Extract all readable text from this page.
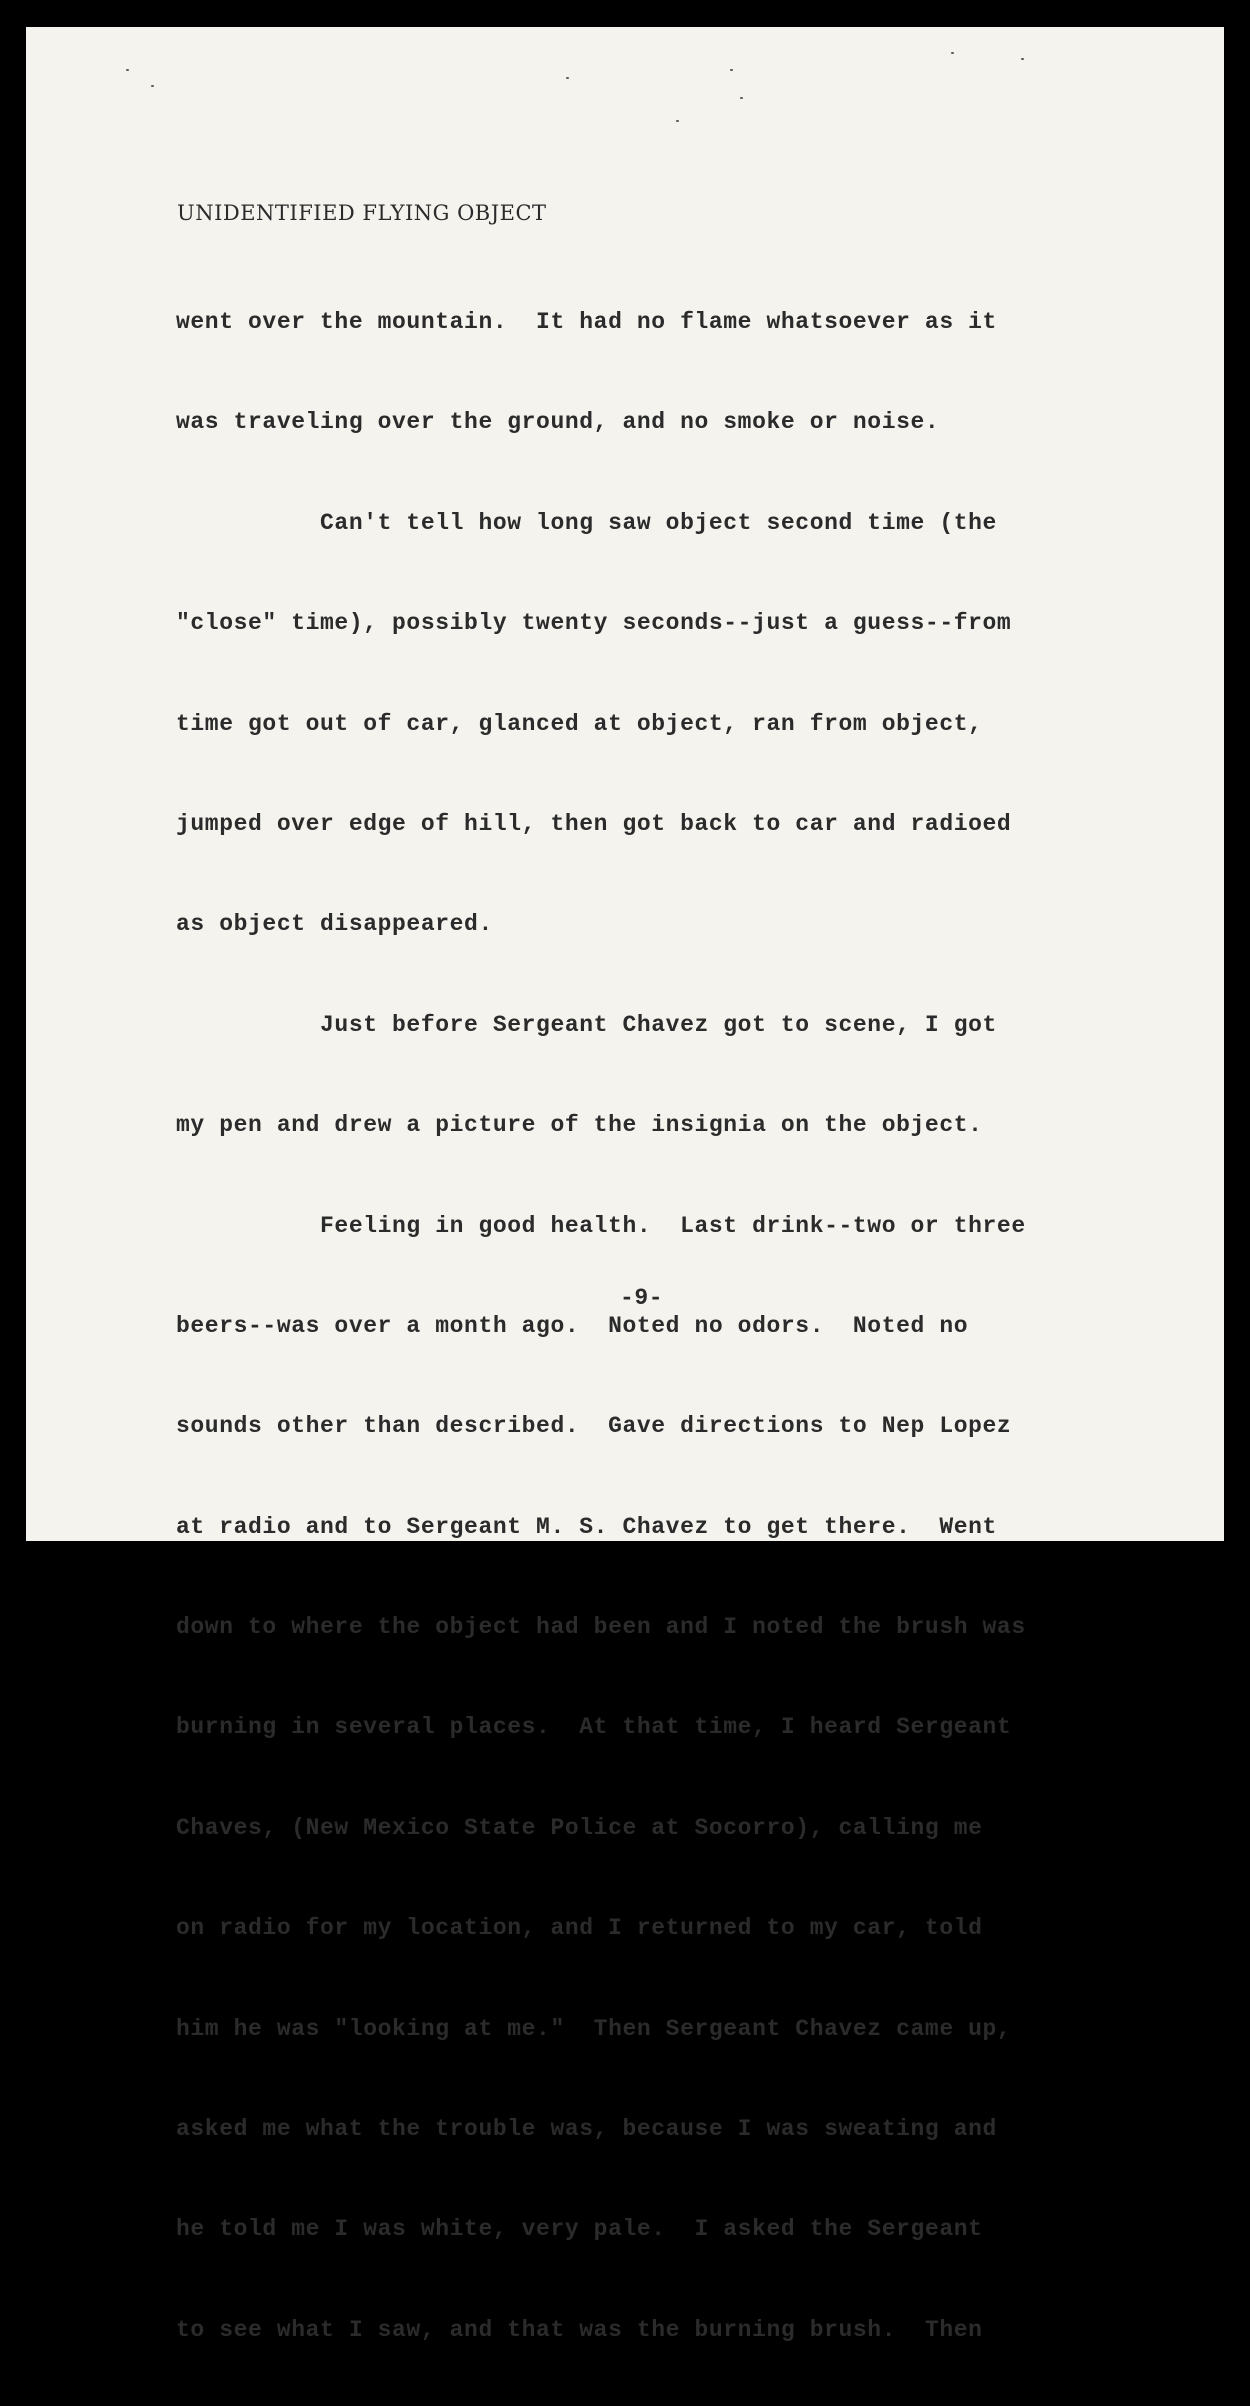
UNIDENTIFIED FLYING OBJECT

went over the mountain.  It had no flame whatsoever as it

was traveling over the ground, and no smoke or noise.

Can't tell how long saw object second time (the

"close" time), possibly twenty seconds--just a guess--from

time got out of car, glanced at object, ran from object,

jumped over edge of hill, then got back to car and radioed

as object disappeared.

Just before Sergeant Chavez got to scene, I got

my pen and drew a picture of the insignia on the object.

Feeling in good health.  Last drink--two or three

beers--was over a month ago.  Noted no odors.  Noted no

sounds other than described.  Gave directions to Nep Lopez

at radio and to Sergeant M. S. Chavez to get there.  Went

down to where the object had been and I noted the brush was

burning in several places.  At that time, I heard Sergeant

Chaves, (New Mexico State Police at Socorro), calling me

on radio for my location, and I returned to my car, told

him he was "looking at me."  Then Sergeant Chavez came up,

asked me what the trouble was, because I was sweating and

he told me I was white, very pale.  I asked the Sergeant

to see what I saw, and that was the burning brush.  Then

-9-
